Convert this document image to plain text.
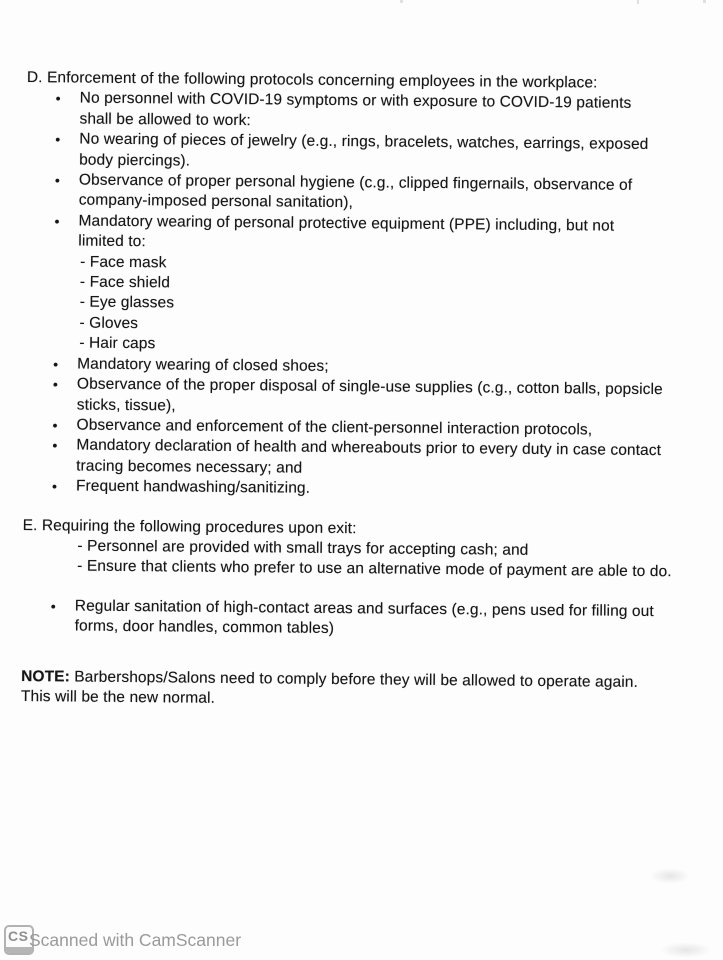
D. Enforcement of the following protocols concerning employees in the workplace:
•	No personnel with COVID-19 symptoms or with exposure to COVID-19 patients
shall be allowed to work:
•	No wearing of pieces of jewelry (e.g., rings, bracelets, watches, earrings, exposed
body piercings).
•	Observance of proper personal hygiene (c.g., clipped fingernails, observance of
company-imposed personal sanitation),
•	Mandatory wearing of personal protective equipment (PPE) including, but not
limited to:
- Face mask
- Face shield
- Eye glasses
- Gloves
- Hair caps
•	Mandatory wearing of closed shoes;
•	Observance of the proper disposal of single-use supplies (c.g., cotton balls, popsicle
sticks, tissue),
•	Observance and enforcement of the client-personnel interaction protocols,
•	Mandatory declaration of health and whereabouts prior to every duty in case contact
tracing becomes necessary; and
•	Frequent handwashing/sanitizing.
E. Requiring the following procedures upon exit:
- Personnel are provided with small trays for accepting cash; and
- Ensure that clients who prefer to use an alternative mode of payment are able to do.
•	Regular sanitation of high-contact areas and surfaces (e.g., pens used for filling out
forms, door handles, common tables)
NOTE: Barbershops/Salons need to comply before they will be allowed to operate again.
This will be the new normal.
CS Scanned with CamScanner
